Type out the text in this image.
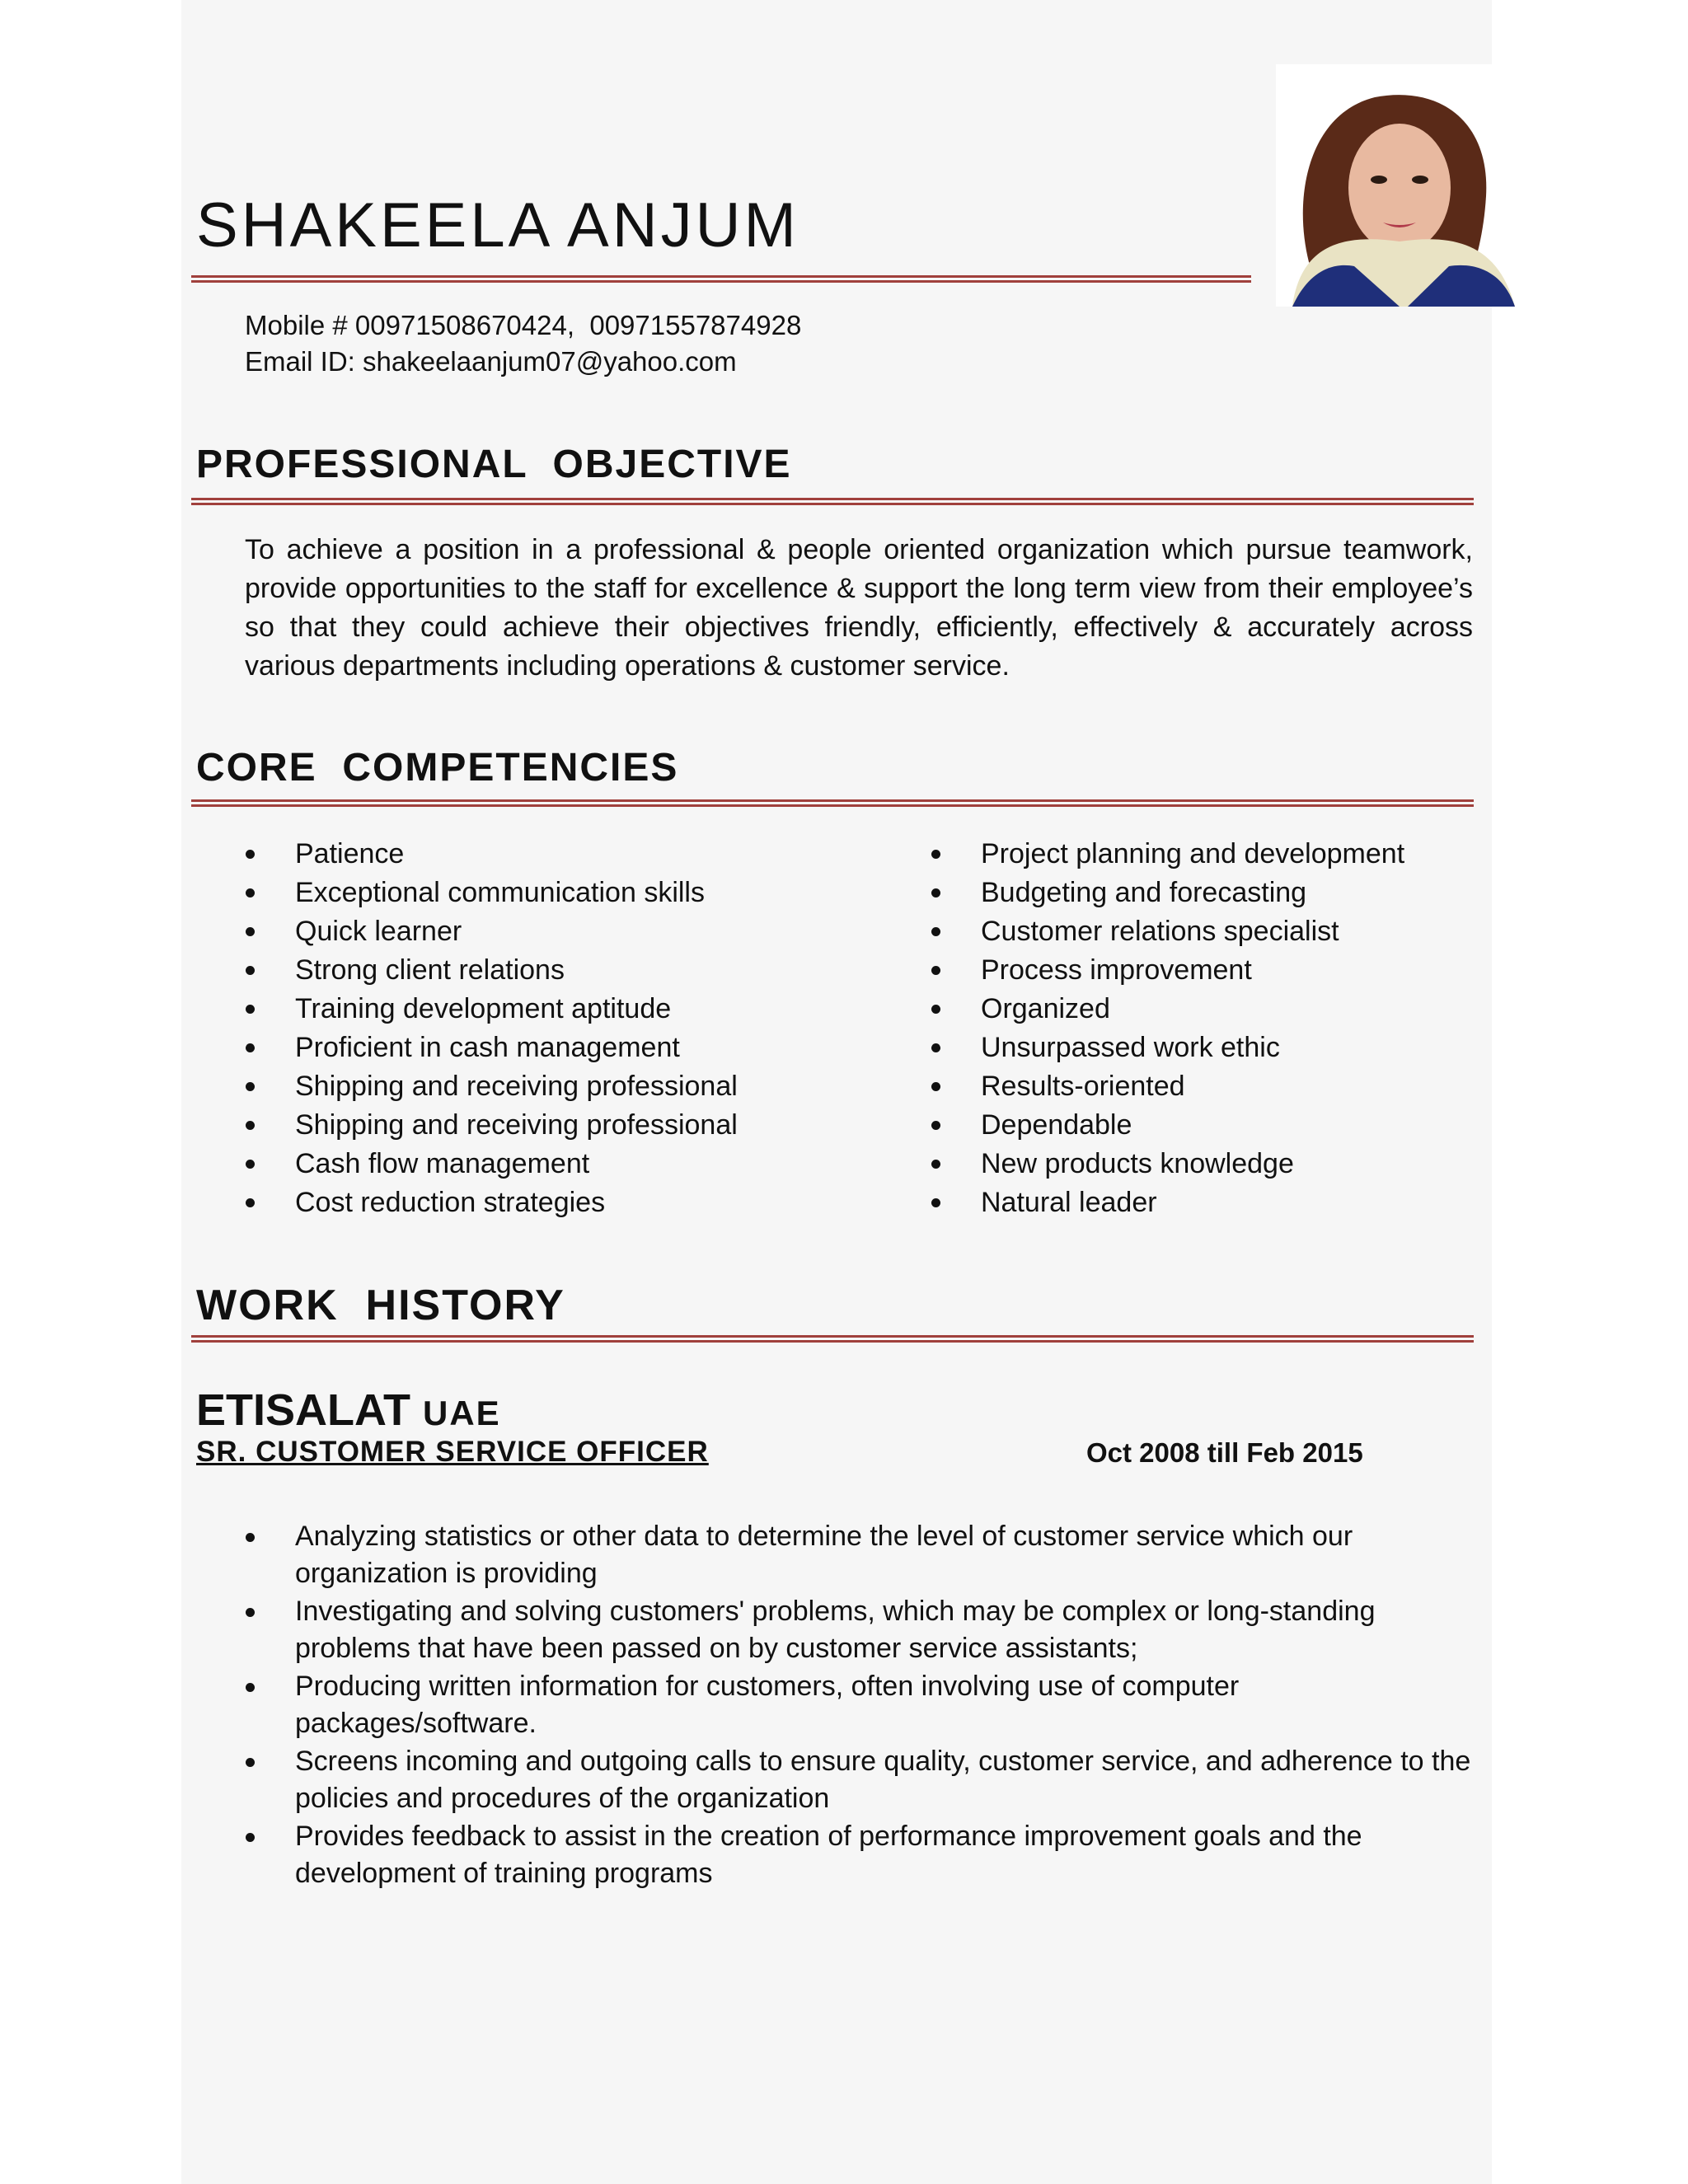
SHAKEELA ANJUM
Mobile # 00971508670424,  00971557874928
Email ID: shakeelaanjum07@yahoo.com
PROFESSIONAL  OBJECTIVE

To achieve a position in a professional & people oriented organization which pursue teamwork, provide opportunities to the staff for excellence & support the long term view from their employee’s so that they could achieve their objectives friendly, efficiently, effectively & accurately across various departments including operations & customer service.

CORE  COMPETENCIES
Patience
Exceptional communication skills
Quick learner
Strong client relations
Training development aptitude
Proficient in cash management
Shipping and receiving professional
Shipping and receiving professional
Cash flow management
Cost reduction strategies
Project planning and development
Budgeting and forecasting
Customer relations specialist
Process improvement
Organized
Unsurpassed work ethic
Results-oriented
Dependable
New products knowledge
Natural leader
WORK  HISTORY
ETISALAT UAE
SR. CUSTOMER SERVICE OFFICER	Oct 2008 till Feb 2015
Analyzing statistics or other data to determine the level of customer service which our organization is providing
Investigating and solving customers' problems, which may be complex or long-standing problems that have been passed on by customer service assistants;
Producing written information for customers, often involving use of computer packages/software.
Screens incoming and outgoing calls to ensure quality, customer service, and adherence to the policies and procedures of the organization
Provides feedback to assist in the creation of performance improvement goals and the development of training programs
